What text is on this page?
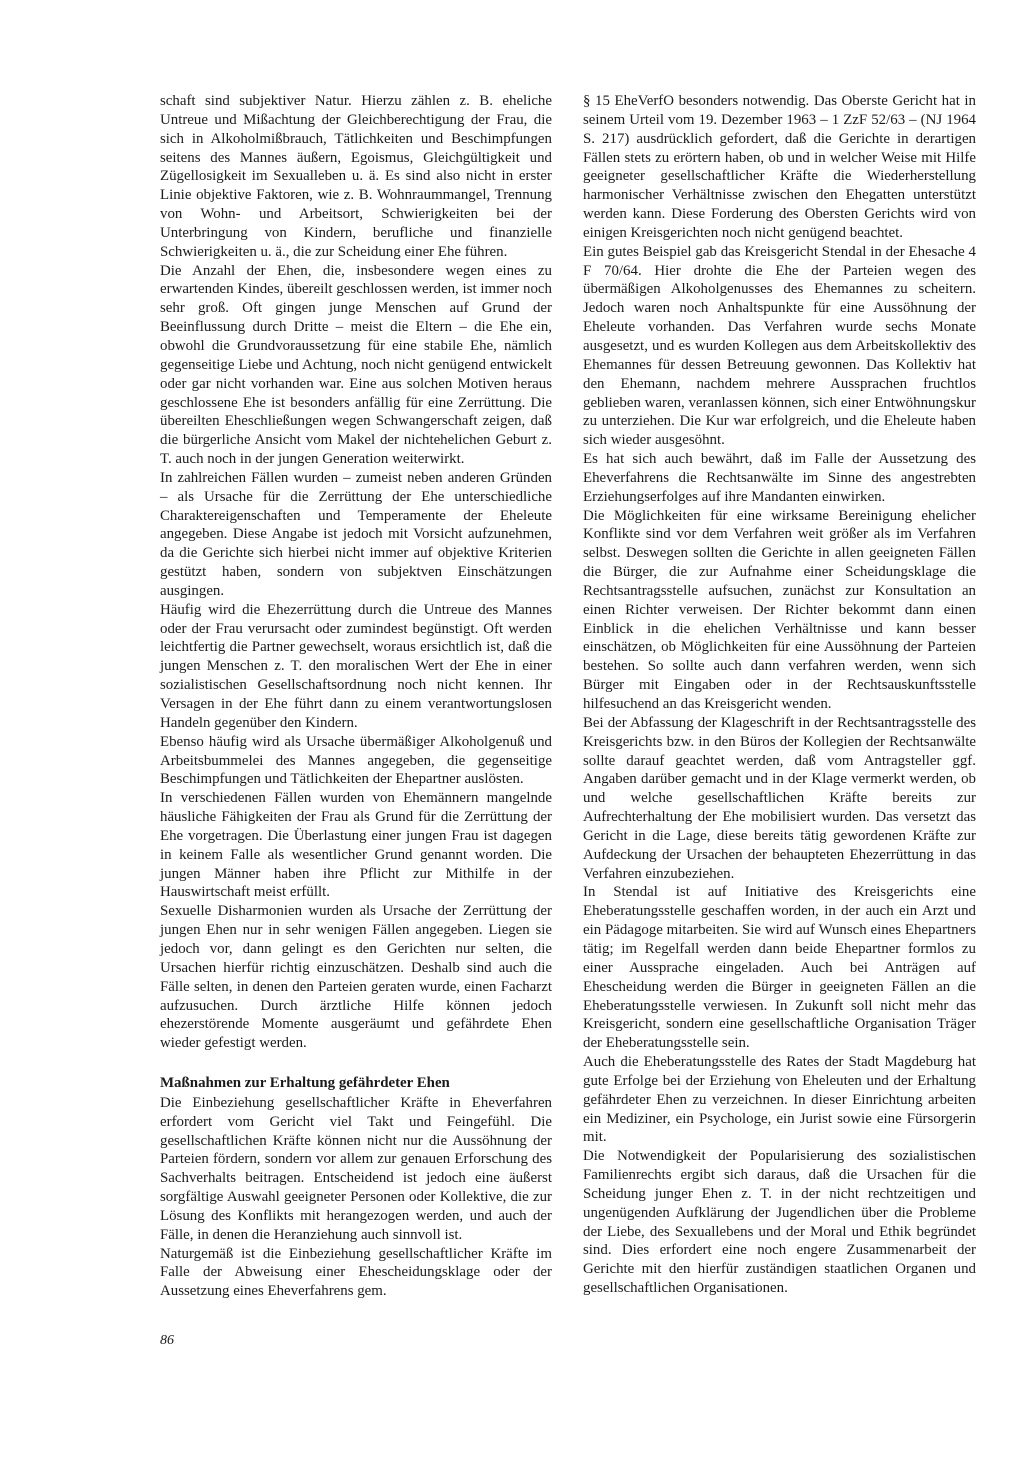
schaft sind subjektiver Natur. Hierzu zählen z. B. eheliche Untreue und Mißachtung der Gleichberechtigung der Frau, die sich in Alkoholmißbrauch, Tätlichkeiten und Beschimpfungen seitens des Mannes äußern, Egoismus, Gleichgültigkeit und Zügellosigkeit im Sexualleben u. ä. Es sind also nicht in erster Linie objektive Faktoren, wie z. B. Wohnraummangel, Trennung von Wohn- und Arbeitsort, Schwierigkeiten bei der Unterbringung von Kindern, berufliche und finanzielle Schwierigkeiten u. ä., die zur Scheidung einer Ehe führen.

Die Anzahl der Ehen, die, insbesondere wegen eines zu erwartenden Kindes, übereilt geschlossen werden, ist immer noch sehr groß. Oft gingen junge Menschen auf Grund der Beeinflussung durch Dritte – meist die Eltern – die Ehe ein, obwohl die Grundvoraussetzung für eine stabile Ehe, nämlich gegenseitige Liebe und Achtung, noch nicht genügend entwickelt oder gar nicht vorhanden war. Eine aus solchen Motiven heraus geschlossene Ehe ist besonders anfällig für eine Zerrüttung. Die übereilten Eheschließungen wegen Schwangerschaft zeigen, daß die bürgerliche Ansicht vom Makel der nichtehelichen Geburt z. T. auch noch in der jungen Generation weiterwirkt.

In zahlreichen Fällen wurden – zumeist neben anderen Gründen – als Ursache für die Zerrüttung der Ehe unterschiedliche Charaktereigenschaften und Temperamente der Eheleute angegeben. Diese Angabe ist jedoch mit Vorsicht aufzunehmen, da die Gerichte sich hierbei nicht immer auf objektive Kriterien gestützt haben, sondern von subjektven Einschätzungen ausgingen.

Häufig wird die Ehezerrüttung durch die Untreue des Mannes oder der Frau verursacht oder zumindest begünstigt. Oft werden leichtfertig die Partner gewechselt, woraus ersichtlich ist, daß die jungen Menschen z. T. den moralischen Wert der Ehe in einer sozialistischen Gesellschaftsordnung noch nicht kennen. Ihr Versagen in der Ehe führt dann zu einem verantwortungslosen Handeln gegenüber den Kindern.

Ebenso häufig wird als Ursache übermäßiger Alkoholgenuß und Arbeitsbummelei des Mannes angegeben, die gegenseitige Beschimpfungen und Tätlichkeiten der Ehepartner auslösten.

In verschiedenen Fällen wurden von Ehemännern mangelnde häusliche Fähigkeiten der Frau als Grund für die Zerrüttung der Ehe vorgetragen. Die Überlastung einer jungen Frau ist dagegen in keinem Falle als wesentlicher Grund genannt worden. Die jungen Männer haben ihre Pflicht zur Mithilfe in der Hauswirtschaft meist erfüllt.

Sexuelle Disharmonien wurden als Ursache der Zerrüttung der jungen Ehen nur in sehr wenigen Fällen angegeben. Liegen sie jedoch vor, dann gelingt es den Gerichten nur selten, die Ursachen hierfür richtig einzuschätzen. Deshalb sind auch die Fälle selten, in denen den Parteien geraten wurde, einen Facharzt aufzusuchen. Durch ärztliche Hilfe können jedoch ehezerstörende Momente ausgeräumt und gefährdete Ehen wieder gefestigt werden.

Maßnahmen zur Erhaltung gefährdeter Ehen

Die Einbeziehung gesellschaftlicher Kräfte in Eheverfahren erfordert vom Gericht viel Takt und Feingefühl. Die gesellschaftlichen Kräfte können nicht nur die Aussöhnung der Parteien fördern, sondern vor allem zur genauen Erforschung des Sachverhalts beitragen. Entscheidend ist jedoch eine äußerst sorgfältige Auswahl geeigneter Personen oder Kollektive, die zur Lösung des Konflikts mit herangezogen werden, und auch der Fälle, in denen die Heranziehung auch sinnvoll ist.

Naturgemäß ist die Einbeziehung gesellschaftlicher Kräfte im Falle der Abweisung einer Ehescheidungsklage oder der Aussetzung eines Eheverfahrens gem.

§ 15 EheVerfO besonders notwendig. Das Oberste Gericht hat in seinem Urteil vom 19. Dezember 1963 – 1 ZzF 52/63 – (NJ 1964 S. 217) ausdrücklich gefordert, daß die Gerichte in derartigen Fällen stets zu erörtern haben, ob und in welcher Weise mit Hilfe geeigneter gesellschaftlicher Kräfte die Wiederherstellung harmonischer Verhältnisse zwischen den Ehegatten unterstützt werden kann. Diese Forderung des Obersten Gerichts wird von einigen Kreisgerichten noch nicht genügend beachtet.

Ein gutes Beispiel gab das Kreisgericht Stendal in der Ehesache 4 F 70/64. Hier drohte die Ehe der Parteien wegen des übermäßigen Alkoholgenusses des Ehemannes zu scheitern. Jedoch waren noch Anhaltspunkte für eine Aussöhnung der Eheleute vorhanden. Das Verfahren wurde sechs Monate ausgesetzt, und es wurden Kollegen aus dem Arbeitskollektiv des Ehemannes für dessen Betreuung gewonnen. Das Kollektiv hat den Ehemann, nachdem mehrere Aussprachen fruchtlos geblieben waren, veranlassen können, sich einer Entwöhnungskur zu unterziehen. Die Kur war erfolgreich, und die Eheleute haben sich wieder ausgesöhnt.

Es hat sich auch bewährt, daß im Falle der Aussetzung des Eheverfahrens die Rechtsanwälte im Sinne des angestrebten Erziehungserfolges auf ihre Mandanten einwirken.

Die Möglichkeiten für eine wirksame Bereinigung ehelicher Konflikte sind vor dem Verfahren weit größer als im Verfahren selbst. Deswegen sollten die Gerichte in allen geeigneten Fällen die Bürger, die zur Aufnahme einer Scheidungsklage die Rechtsantragsstelle aufsuchen, zunächst zur Konsultation an einen Richter verweisen. Der Richter bekommt dann einen Einblick in die ehelichen Verhältnisse und kann besser einschätzen, ob Möglichkeiten für eine Aussöhnung der Parteien bestehen. So sollte auch dann verfahren werden, wenn sich Bürger mit Eingaben oder in der Rechtsauskunftsstelle hilfesuchend an das Kreisgericht wenden.

Bei der Abfassung der Klageschrift in der Rechtsantragsstelle des Kreisgerichts bzw. in den Büros der Kollegien der Rechtsanwälte sollte darauf geachtet werden, daß vom Antragsteller ggf. Angaben darüber gemacht und in der Klage vermerkt werden, ob und welche gesellschaftlichen Kräfte bereits zur Aufrechterhaltung der Ehe mobilisiert wurden. Das versetzt das Gericht in die Lage, diese bereits tätig gewordenen Kräfte zur Aufdeckung der Ursachen der behaupteten Ehezerrüttung in das Verfahren einzubeziehen.

In Stendal ist auf Initiative des Kreisgerichts eine Eheberatungsstelle geschaffen worden, in der auch ein Arzt und ein Pädagoge mitarbeiten. Sie wird auf Wunsch eines Ehepartners tätig; im Regelfall werden dann beide Ehepartner formlos zu einer Aussprache eingeladen. Auch bei Anträgen auf Ehescheidung werden die Bürger in geeigneten Fällen an die Eheberatungsstelle verwiesen. In Zukunft soll nicht mehr das Kreisgericht, sondern eine gesellschaftliche Organisation Träger der Eheberatungsstelle sein.

Auch die Eheberatungsstelle des Rates der Stadt Magdeburg hat gute Erfolge bei der Erziehung von Eheleuten und der Erhaltung gefährdeter Ehen zu verzeichnen. In dieser Einrichtung arbeiten ein Mediziner, ein Psychologe, ein Jurist sowie eine Fürsorgerin mit.

Die Notwendigkeit der Popularisierung des sozialistischen Familienrechts ergibt sich daraus, daß die Ursachen für die Scheidung junger Ehen z. T. in der nicht rechtzeitigen und ungenügenden Aufklärung der Jugendlichen über die Probleme der Liebe, des Sexuallebens und der Moral und Ethik begründet sind. Dies erfordert eine noch engere Zusammenarbeit der Gerichte mit den hierfür zuständigen staatlichen Organen und gesellschaftlichen Organisationen.

86
